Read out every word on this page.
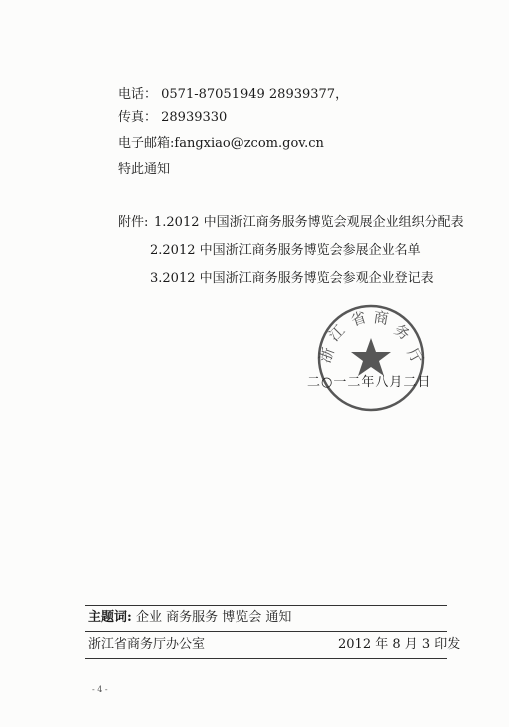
电话： 0571-87051949 28939377，
传真： 28939330
电子邮箱:fangxiao@zcom.gov.cn
特此通知
附件: 1.2012 中国浙江商务服务博览会观展企业组织分配表
2.2012 中国浙江商务服务博览会参展企业名单
3.2012 中国浙江商务服务博览会参观企业登记表
浙
江
省 商
务
厅
二○一二年八月二日
主题词: 企业 商务服务 博览会 通知
浙江省商务厅办公室	2012 年 8 月 3 印发
- 4 -
